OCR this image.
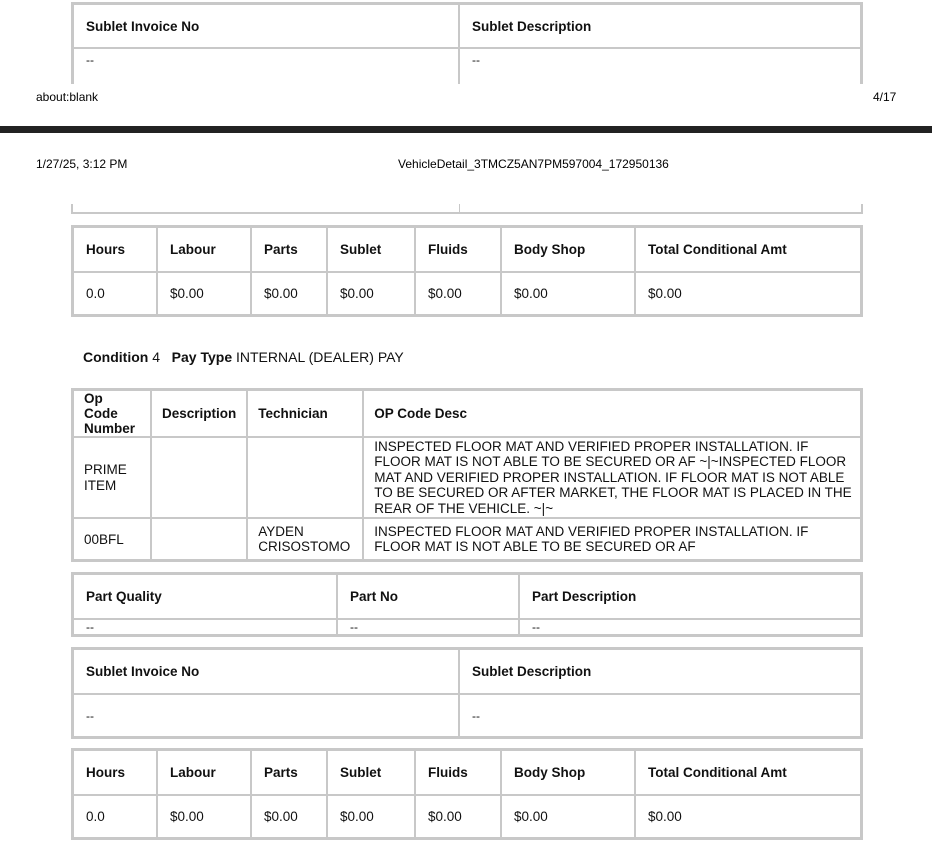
Sublet Invoice No	Sublet Description
--	--
about:blank	4/17
1/27/25, 3:12 PM	VehicleDetail_3TMCZ5AN7PM597004_172950136
Hours	Labour	Parts	Sublet	Fluids	Body Shop	Total Conditional Amt
0.0	$0.00	$0.00	$0.00	$0.00	$0.00	$0.00
Condition 4 Pay Type INTERNAL (DEALER) PAY
Op Code Number	Description	Technician	OP Code Desc
PRIME ITEM			INSPECTED FLOOR MAT AND VERIFIED PROPER INSTALLATION. IF FLOOR MAT IS NOT ABLE TO BE SECURED OR AF ~|~INSPECTED FLOOR MAT AND VERIFIED PROPER INSTALLATION. IF FLOOR MAT IS NOT ABLE TO BE SECURED OR AFTER MARKET, THE FLOOR MAT IS PLACED IN THE REAR OF THE VEHICLE. ~|~
00BFL		AYDEN CRISOSTOMO	INSPECTED FLOOR MAT AND VERIFIED PROPER INSTALLATION. IF FLOOR MAT IS NOT ABLE TO BE SECURED OR AF
Part Quality	Part No	Part Description
--	--	--
Sublet Invoice No	Sublet Description
--	--
Hours	Labour	Parts	Sublet	Fluids	Body Shop	Total Conditional Amt
0.0	$0.00	$0.00	$0.00	$0.00	$0.00	$0.00
